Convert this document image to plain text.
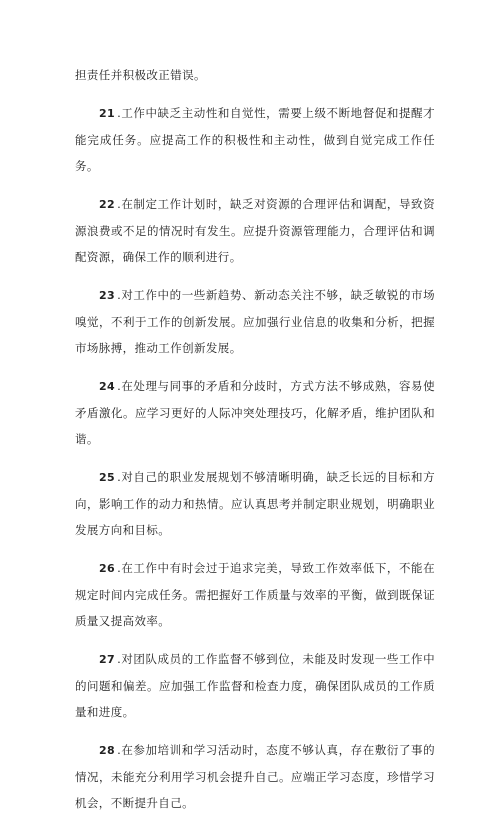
担责任并积极改正错误。

21 .工作中缺乏主动性和自觉性，需要上级不断地督促和提醒才能完成任务。应提高工作的积极性和主动性，做到自觉完成工作任务。

22 .在制定工作计划时，缺乏对资源的合理评估和调配，导致资源浪费或不足的情况时有发生。应提升资源管理能力，合理评估和调配资源，确保工作的顺利进行。

23 .对工作中的一些新趋势、新动态关注不够，缺乏敏锐的市场嗅觉，不利于工作的创新发展。应加强行业信息的收集和分析，把握市场脉搏，推动工作创新发展。

24 .在处理与同事的矛盾和分歧时，方式方法不够成熟，容易使矛盾激化。应学习更好的人际冲突处理技巧，化解矛盾，维护团队和谐。

25 .对自己的职业发展规划不够清晰明确，缺乏长远的目标和方向，影响工作的动力和热情。应认真思考并制定职业规划，明确职业发展方向和目标。

26 .在工作中有时会过于追求完美，导致工作效率低下，不能在规定时间内完成任务。需把握好工作质量与效率的平衡，做到既保证质量又提高效率。

27 .对团队成员的工作监督不够到位，未能及时发现一些工作中的问题和偏差。应加强工作监督和检查力度，确保团队成员的工作质量和进度。

28 .在参加培训和学习活动时，态度不够认真，存在敷衍了事的情况，未能充分利用学习机会提升自己。应端正学习态度，珍惜学习机会，不断提升自己。
